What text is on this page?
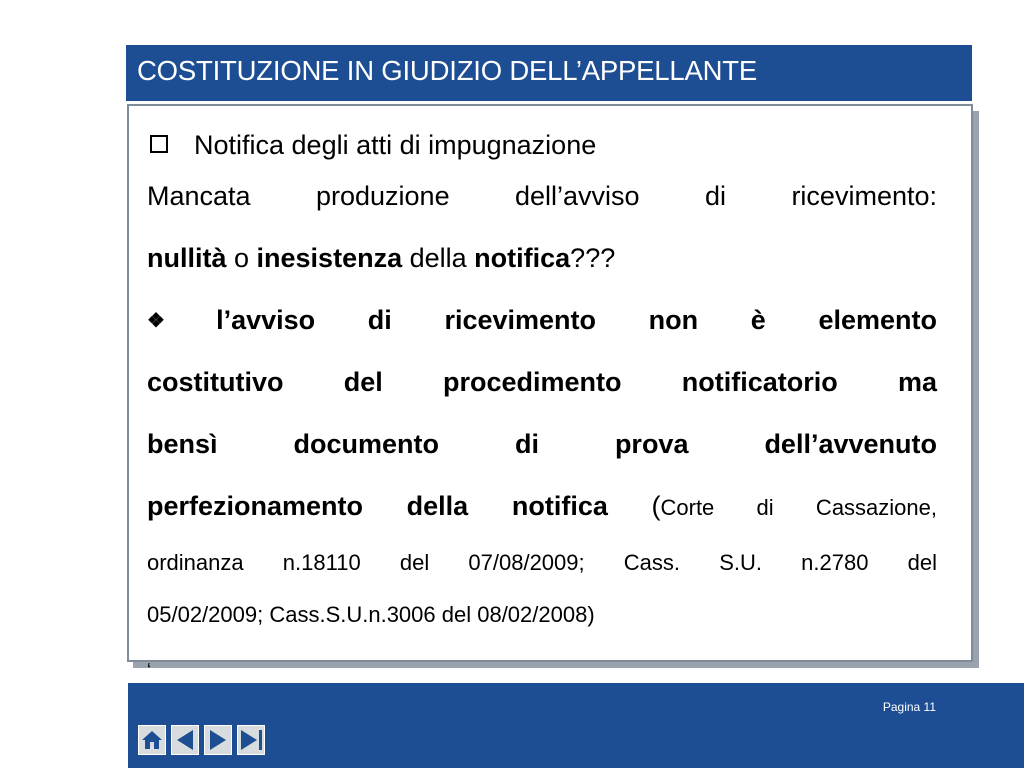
COSTITUZIONE IN GIUDIZIO DELL’APPELLANTE
Notifica degli atti di impugnazione
Mancata produzione dell’avviso di ricevimento:
nullità o inesistenza della notifica???
❖ l’avviso di ricevimento non è elemento
costitutivo del procedimento notificatorio ma
bensì documento di prova dell’avvenuto
perfezionamento della notifica (Corte di Cassazione,
ordinanza n.18110 del 07/08/2009; Cass. S.U. n.2780 del
05/02/2009; Cass.S.U.n.3006 del 08/02/2008)
‘
Pagina 11
